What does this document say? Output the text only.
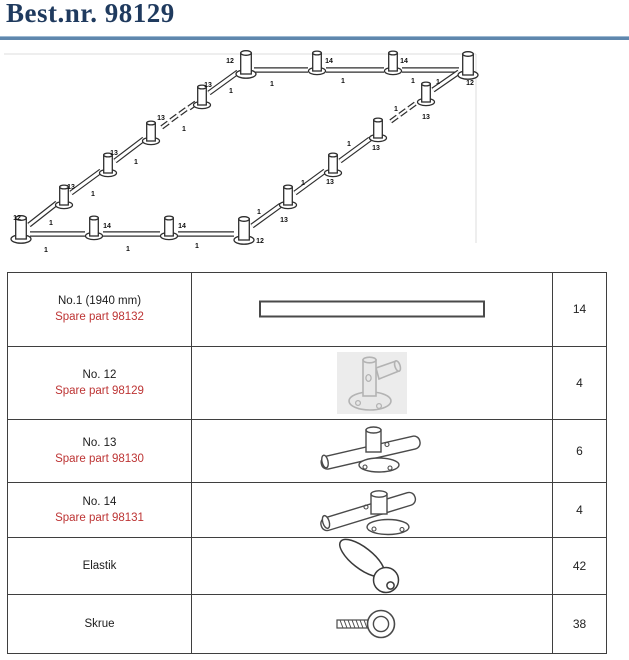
Best.nr. 98129
12
12
12
12
14	14
14	14
13
13
13
13
13
13
13
13
1	1	1
1	1	1
1
1
1
1
1
1
1
1
1
1
No.1 (1940 mm)
Spare part 98132
14
No. 12
Spare part 98129
4
No. 13
Spare part 98130
6
No. 14
Spare part 98131
4
Elastik	42
Skrue	38
